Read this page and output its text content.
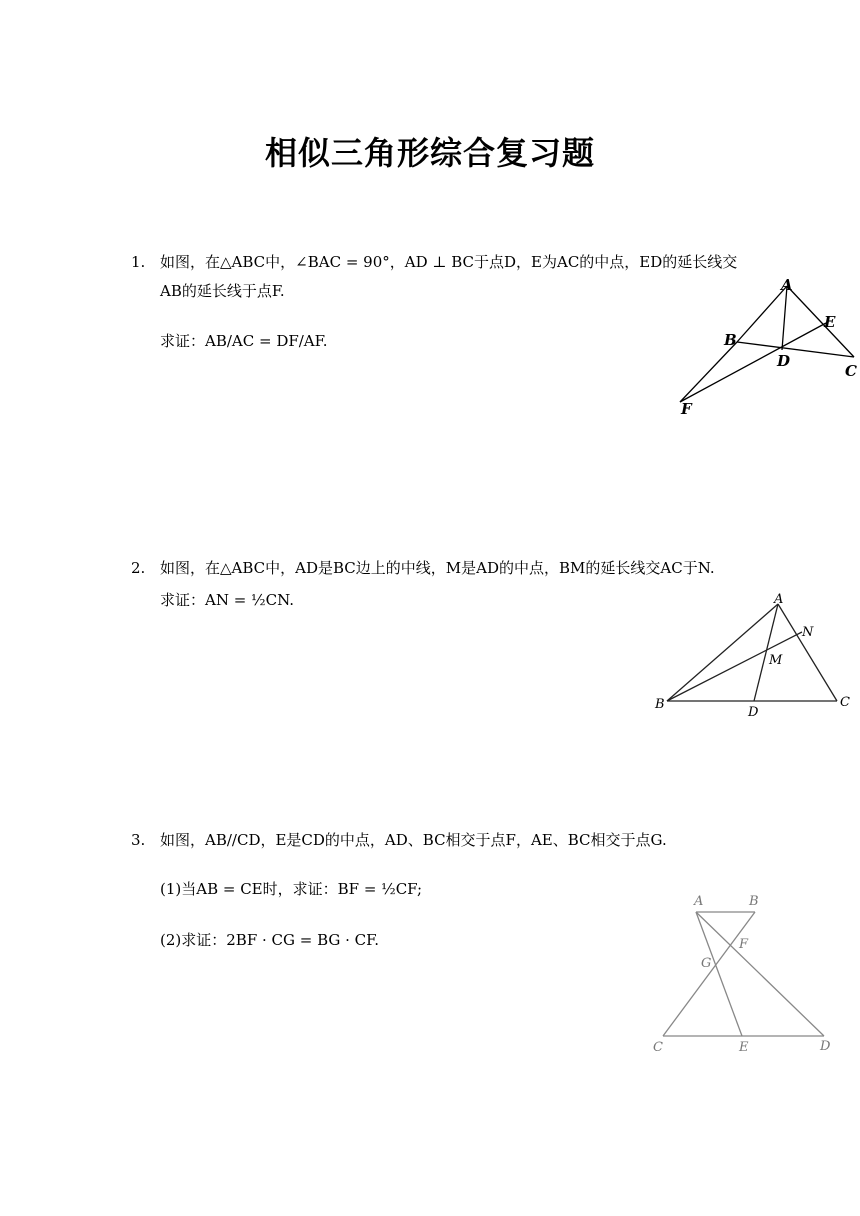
相似三角形综合复习题
1. 如图，在△ABC中，∠BAC = 90°，AD ⊥ BC于点D，E为AC的中点，ED的延长线交
AB的延长线于点F.
求证：AB/AC = DF/AF.
A
B
C
D
E
F
2. 如图，在△ABC中，AD是BC边上的中线，M是AD的中点，BM的延长线交AC于N.
求证：AN = ½CN.	A
B	C
D
M
N
3. 如图，AB//CD，E是CD的中点，AD、BC相交于点F，AE、BC相交于点G.
(1)当AB = CE时，求证：BF = ½CF;
(2)求证：2BF · CG = BG · CF.
A	B
C	D
E
F
G
